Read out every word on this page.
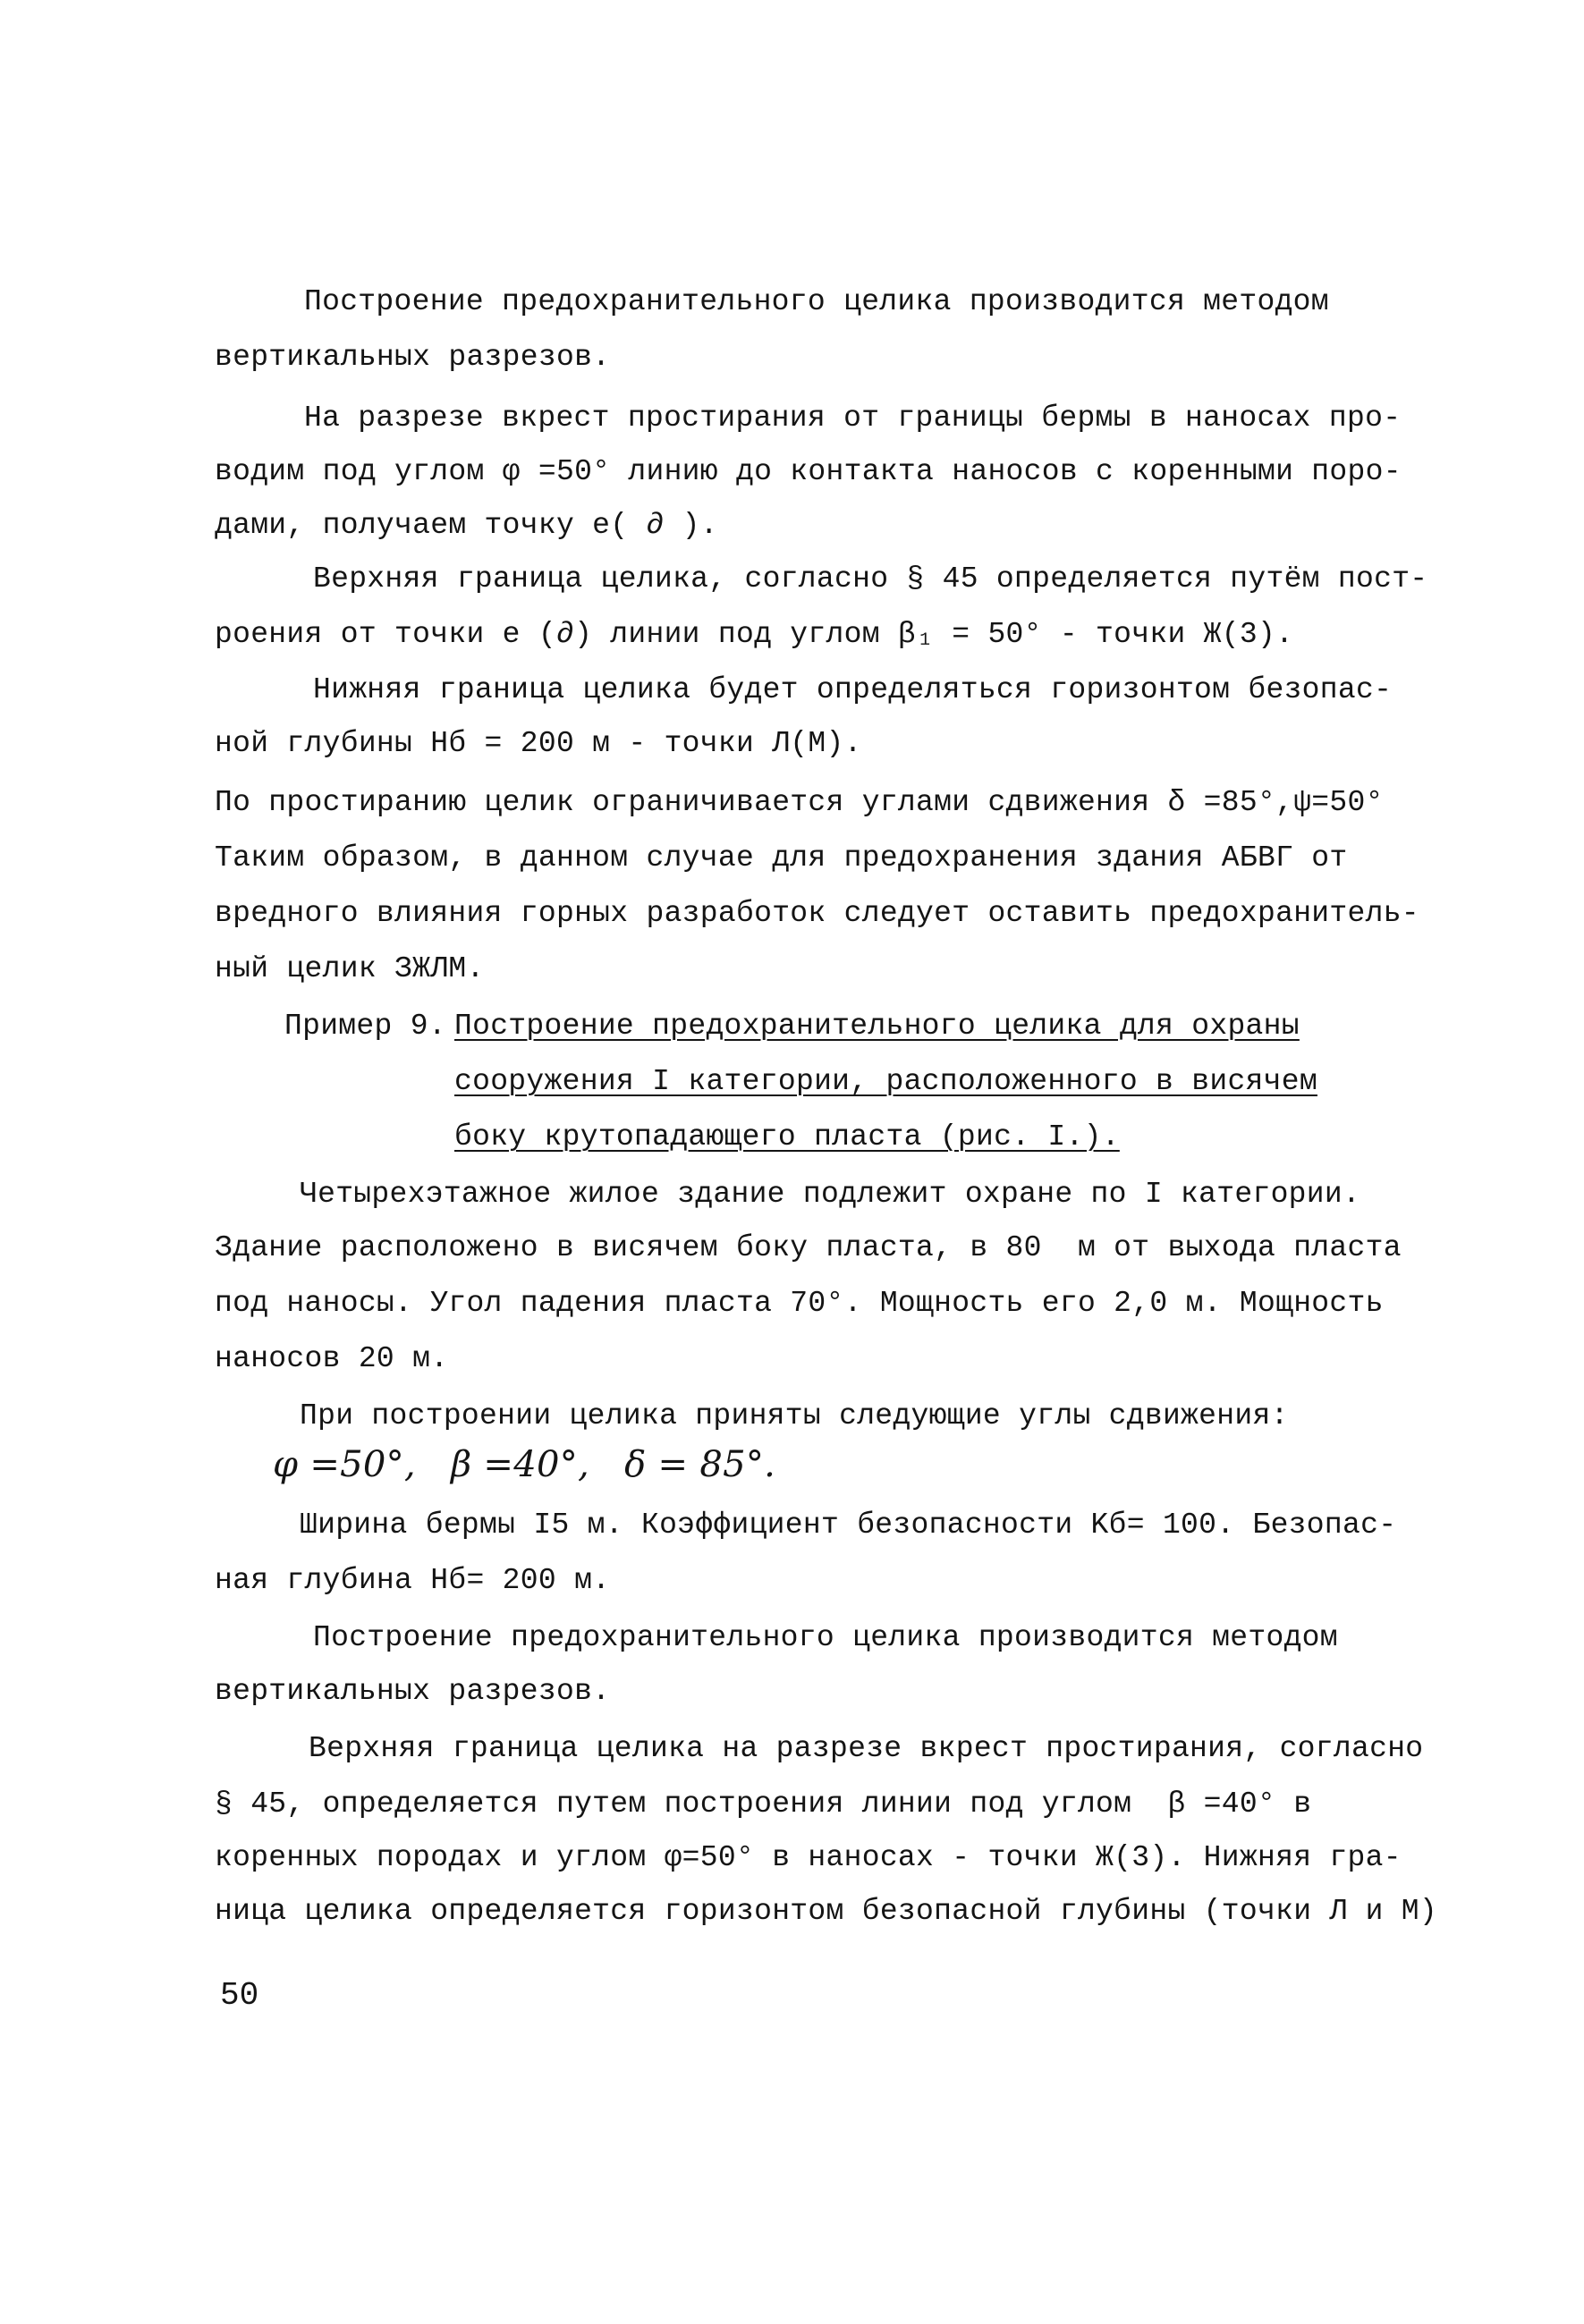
Построение предохранительного целика производится методом
вертикальных разрезов.
На разрезе вкрест простирания от границы бермы в наносах про-
водим под углом φ =50° линию до контакта наносов с коренными поро-
дами, получаем точку е( ∂ ).
Верхняя граница целика, согласно § 45 определяется путём пост-
роения от точки е (∂) линии под углом β₁ = 50° - точки Ж(3).
Нижняя граница целика будет определяться горизонтом безопас-
ной глубины Нб = 200 м - точки Л(М).
По простиранию целик ограничивается углами сдвижения δ =85°,ψ=50°
Таким образом, в данном случае для предохранения здания АБВГ от
вредного влияния горных разработок следует оставить предохранитель-
ный целик ЗЖЛМ.
Пример 9. Построение предохранительного целика для охраны
сооружения I категории, расположенного в висячем
боку крутопадающего пласта (рис. I.).
Четырехэтажное жилое здание подлежит охране по I категории.
Здание расположено в висячем боку пласта, в 80  м от выхода пласта
под наносы. Угол падения пласта 70°. Мощность его 2,0 м. Мощность
наносов 20 м.
При построении целика приняты следующие углы сдвижения:
φ =50°,   β =40°,   δ = 85°.
Ширина бермы I5 м. Коэффициент безопасности Kб= 100. Безопас-
ная глубина Hб= 200 м.
Построение предохранительного целика производится методом
вертикальных разрезов.
Верхняя граница целика на разрезе вкрест простирания, согласно
§ 45, определяется путем построения линии под углом  β =40° в
коренных породах и углом φ=50° в наносах - точки Ж(3). Нижняя гра-
ница целика определяется горизонтом безопасной глубины (точки Л и М)
50
